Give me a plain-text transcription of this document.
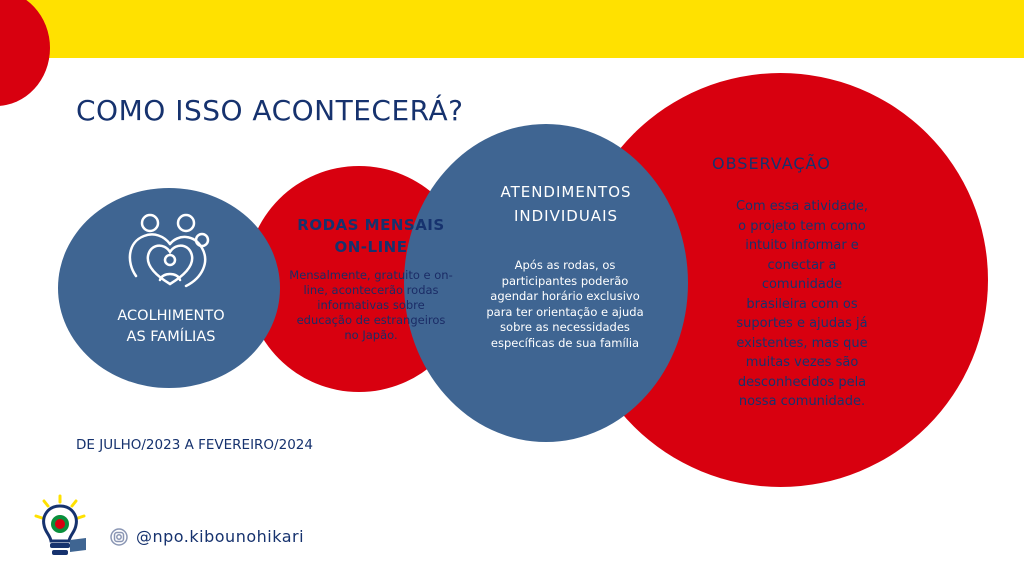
COMO ISSO ACONTECERÁ?
ACOLHIMENTO
AS FAMÍLIAS
RODAS MENSAIS
ON-LINE
Mensalmente, gratuito e on-
line, acontecerão rodas
informativas sobre
educação de estrangeiros
no Japão.
ATENDIMENTOS
INDIVIDUAIS
Após as rodas, os
participantes poderão
agendar horário exclusivo
para ter orientação e ajuda
sobre as necessidades
específicas de sua família
OBSERVAÇÃO
Com essa atividade,
o projeto tem como
intuito informar e
conectar a
comunidade
brasileira com os
suportes e ajudas já
existentes, mas que
muitas vezes são
desconhecidos pela
nossa comunidade.
DE JULHO/2023 A FEVEREIRO/2024
@npo.kibounohikari
